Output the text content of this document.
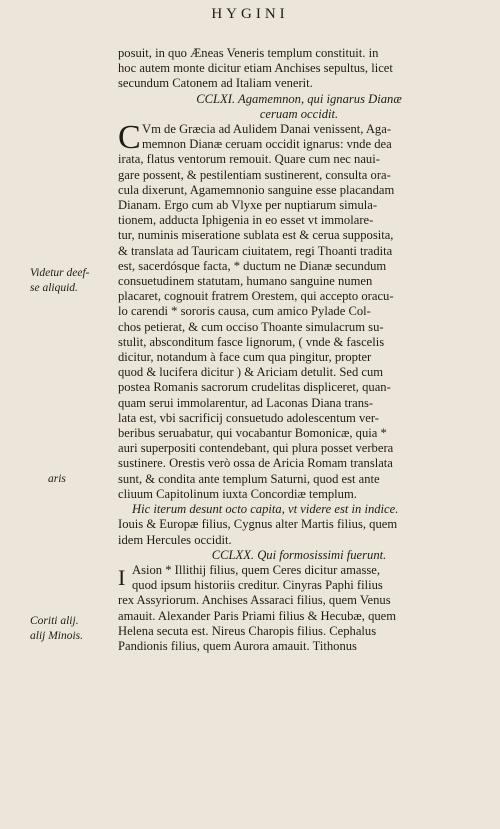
HYGINI
posuit, in quo Æneas Veneris templum constituit. in
hoc autem monte dicitur etiam Anchises sepultus, licet
secundum Catonem ad Italiam venerit.
CCLXI. Agamemnon, qui ignarus Dianæ
ceruam occidit.
C Vm de Græcia ad Aulidem Danai venissent, Aga-
memnon Dianæ ceruam occidit ignarus: vnde dea
irata, flatus ventorum remouit. Quare cum nec naui-
gare possent, & pestilentiam sustinerent, consulta ora-
cula dixerunt, Agamemnonio sanguine esse placandam
Dianam. Ergo cum ab Vlyxe per nuptiarum simula-
tionem, adducta Iphigenia in eo esset vt immolare-
tur, numinis miseratione sublata est & cerua supposita,
& translata ad Tauricam ciuitatem, regi Thoanti tradita
est, sacerdósque facta, * ductum ne Dianæ secundum
consuetudinem statutam, humano sanguine numen
placaret, cognouit fratrem Orestem, qui accepto oracu-
lo carendi * sororis causa, cum amico Pylade Col-
chos petierat, & cum occiso Thoante simulacrum su-
stulit, absconditum fasce lignorum, ( vnde & fascelis
dicitur, notandum à face cum qua pingitur, propter
quod & lucifera dicitur ) & Ariciam detulit. Sed cum
postea Romanis sacrorum crudelitas displiceret, quan-
quam serui immolarentur, ad Laconas Diana trans-
lata est, vbi sacrificij consuetudo adolescentum ver-
beribus seruabatur, qui vocabantur Bomonicæ, quia *
auri superpositi contendebant, qui plura posset verbera
sustinere. Orestis verò ossa de Aricia Romam translata
sunt, & condita ante templum Saturni, quod est ante
cliuum Capitolinum iuxta Concordiæ templum.
Hic iterum desunt octo capita, vt videre est in indice.
Iouis & Europæ filius, Cygnus alter Martis filius, quem
idem Hercules occidit.
CCLXX. Qui formosissimi fuerunt.
I Asion * Illithij filius, quem Ceres dicitur amasse,
quod ipsum historiis creditur. Cinyras Paphi filius
rex Assyriorum. Anchises Assaraci filius, quem Venus
amauit. Alexander Paris Priami filius & Hecubæ, quem
Helena secuta est. Nireus Charopis filius. Cephalus
Pandionis filius, quem Aurora amauit. Tithonus
Videtur deef-
se aliquid.
aris
Coriti alij.
alij Minois.
